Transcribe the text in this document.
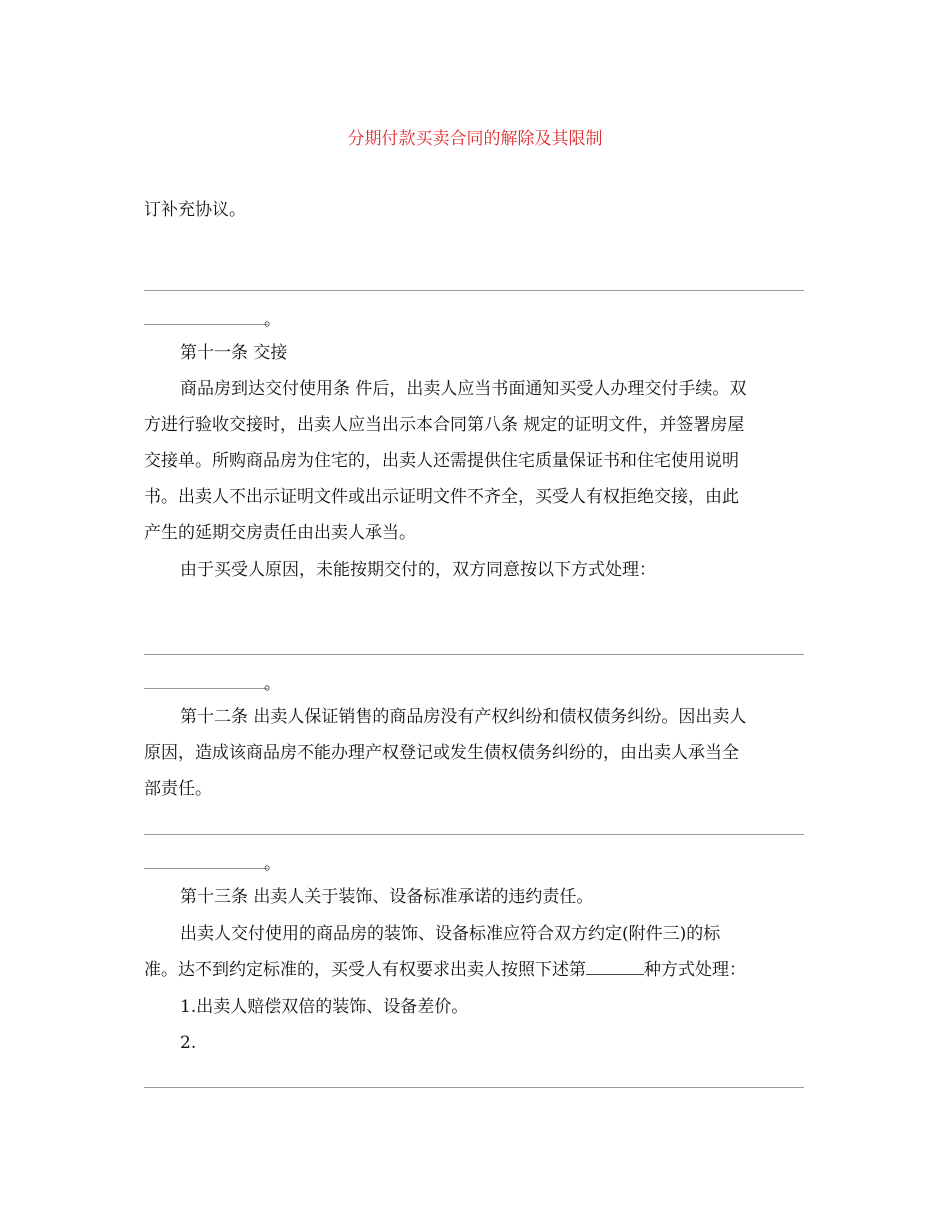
分期付款买卖合同的解除及其限制
订补充协议。
。
第十一条 交接
商品房到达交付使用条 件后，出卖人应当书面通知买受人办理交付手续。双
方进行验收交接时，出卖人应当出示本合同第八条 规定的证明文件，并签署房屋
交接单。所购商品房为住宅的，出卖人还需提供住宅质量保证书和住宅使用说明
书。出卖人不出示证明文件或出示证明文件不齐全，买受人有权拒绝交接，由此
产生的延期交房责任由出卖人承当。
由于买受人原因，未能按期交付的，双方同意按以下方式处理：
。
第十二条 出卖人保证销售的商品房没有产权纠纷和债权债务纠纷。因出卖人
原因，造成该商品房不能办理产权登记或发生债权债务纠纷的，由出卖人承当全
部责任。
。
第十三条 出卖人关于装饰、设备标准承诺的违约责任。
出卖人交付使用的商品房的装饰、设备标准应符合双方约定(附件三)的标
准。达不到约定标准的，买受人有权要求出卖人按照下述第	种方式处理：
1.出卖人赔偿双倍的装饰、设备差价。
2.
